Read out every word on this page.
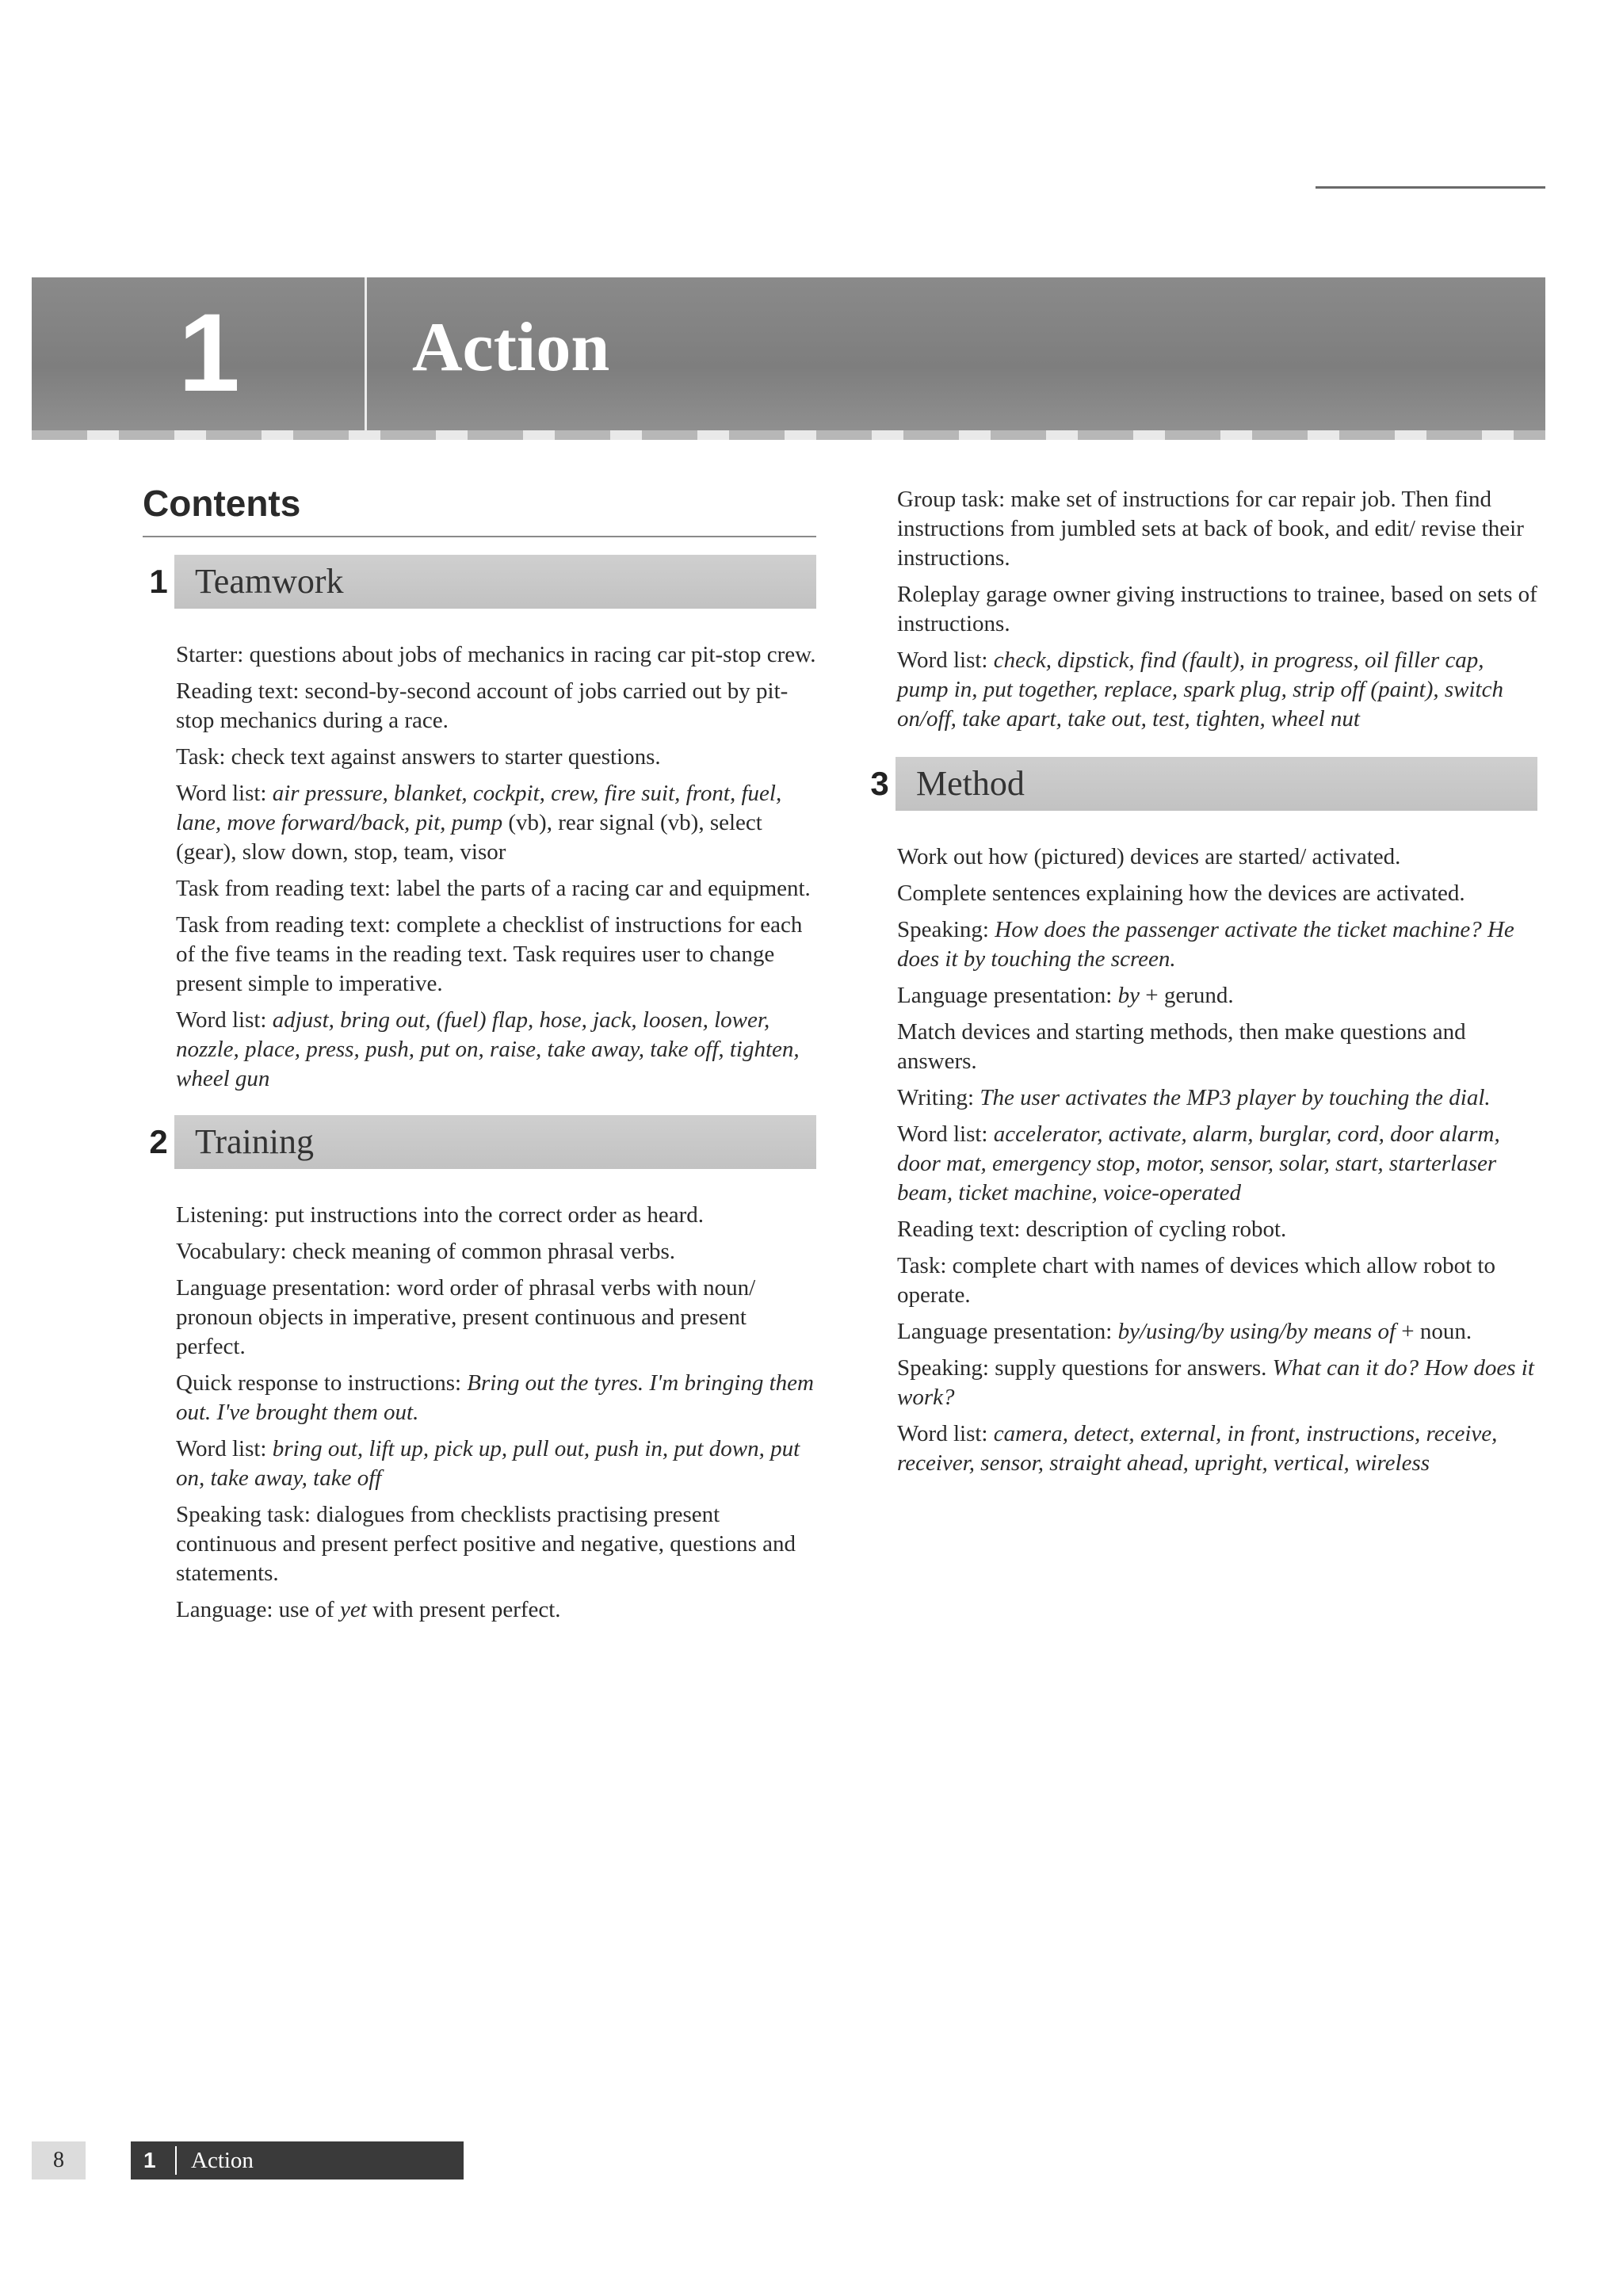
1 Action
Contents
1 Teamwork

Starter: questions about jobs of mechanics in racing car pit-stop crew.

Reading text: second-by-second account of jobs carried out by pit-stop mechanics during a race.

Task: check text against answers to starter questions.

Word list: air pressure, blanket, cockpit, crew, fire suit, front, fuel, lane, move forward/back, pit, pump (vb), rear signal (vb), select (gear), slow down, stop, team, visor

Task from reading text: label the parts of a racing car and equipment.

Task from reading text: complete a checklist of instructions for each of the five teams in the reading text. Task requires user to change present simple to imperative.

Word list: adjust, bring out, (fuel) flap, hose, jack, loosen, lower, nozzle, place, press, push, put on, raise, take away, take off, tighten, wheel gun

2 Training

Listening: put instructions into the correct order as heard.

Vocabulary: check meaning of common phrasal verbs.

Language presentation: word order of phrasal verbs with noun/ pronoun objects in imperative, present continuous and present perfect.

Quick response to instructions: Bring out the tyres. I'm bringing them out. I've brought them out.

Word list: bring out, lift up, pick up, pull out, push in, put down, put on, take away, take off

Speaking task: dialogues from checklists practising present continuous and present perfect positive and negative, questions and statements.

Language: use of yet with present perfect.

Group task: make set of instructions for car repair job. Then find instructions from jumbled sets at back of book, and edit/ revise their instructions.

Roleplay garage owner giving instructions to trainee, based on sets of instructions.

Word list: check, dipstick, find (fault), in progress, oil filler cap, pump in, put together, replace, spark plug, strip off (paint), switch on/off, take apart, take out, test, tighten, wheel nut

3 Method

Work out how (pictured) devices are started/ activated.

Complete sentences explaining how the devices are activated.

Speaking: How does the passenger activate the ticket machine? He does it by touching the screen.

Language presentation: by + gerund.

Match devices and starting methods, then make questions and answers.

Writing: The user activates the MP3 player by touching the dial.

Word list: accelerator, activate, alarm, burglar, cord, door alarm, door mat, emergency stop, motor, sensor, solar, start, starterlaser beam, ticket machine, voice-operated

Reading text: description of cycling robot.

Task: complete chart with names of devices which allow robot to operate.

Language presentation: by/using/by using/by means of + noun.

Speaking: supply questions for answers. What can it do? How does it work?

Word list: camera, detect, external, in front, instructions, receive, receiver, sensor, straight ahead, upright, vertical, wireless

8	1 Action
